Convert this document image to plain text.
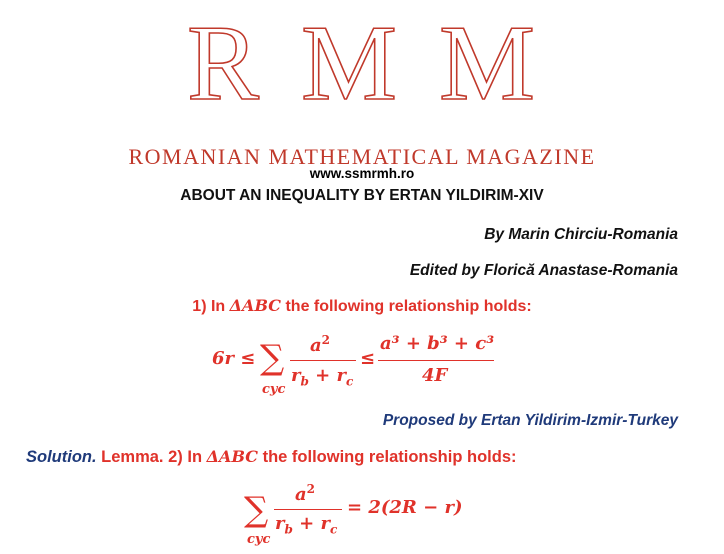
R M M
ROMANIAN MATHEMATICAL MAGAZINE
www.ssmrmh.ro
ABOUT AN INEQUALITY BY ERTAN YILDIRIM-XIV
By Marin Chirciu-Romania
Edited by Florică Anastase-Romania
1) In ΔABC the following relationship holds:
6r ≤ ∑
cyc
$a^2$
$r_b + r_c$
≤
a³ + b³ + c³
4F
Proposed by Ertan Yildirim-Izmir-Turkey
Solution. Lemma. 2) In ΔABC the following relationship holds:
∑
cyc
$a^2$
$r_b + r_c$
= 2(2R − r)
